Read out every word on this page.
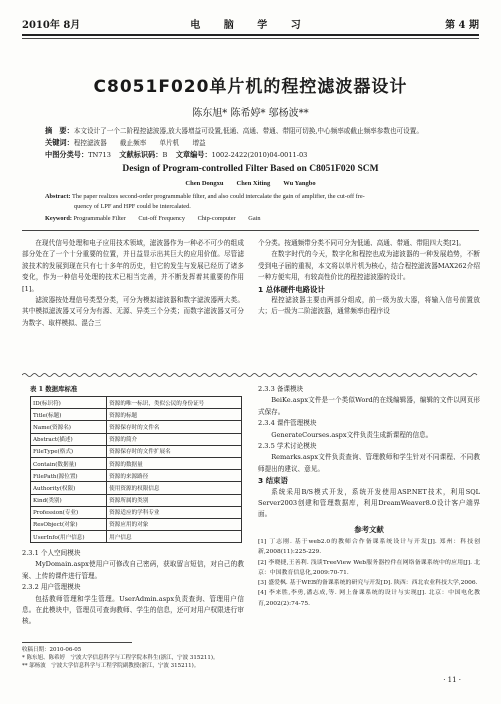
2010年 8月	电 脑 学 习	第 4 期
C8051F020单片机的程控滤波器设计
陈东旭* 陈希婷* 邬杨波**
摘　要：本文设计了一个二阶程控滤波器,放大器增益可设置,低通、高通、带通、带阻可切换,中心频率或截止频率参数也可设置。
关键词：程控滤波器　　截止频率　　单片机　　增益
中图分类号：TN713 文献标识码：B 文章编号：1002-2422(2010)04-0011-03
Design of Program-controlled Filter Based on C8051F020 SCM
Chen Dongxu　　Chen Xiting　　Wu Yangbo
Abstract: The paper realizes second-order programmable filter, and also could intercalate the gain of amplifier, the cut-off fre-
quency of LPF and HPF could be intercalated.
Keyword: Programmable Filter　　Cut-off Frequency　　Chip-computer　　Gain

在现代信号处理和电子应用技术领域，滤波器作为一种必不可少的组成部分处在了一个十分重要的位置，并日益显示出其巨大的应用价值。尽管滤波技术的发展到现在只有七十多年的历史，但它的发生与发展已经历了诸多变化，作为一种信号处理的技术已相当完善，并不断发挥着其重要的作用[1]。

滤波器按处理信号类型分类，可分为模拟滤波器和数字滤波器两大类。其中模拟滤波器又可分为有源、无源、异类三个分类；而数字滤波器又可分为数字、取样模拟、混合三

个分类。按通频带分类不同可分为低通、高通、带通、带阻四大类[2]。

在数字时代的今天，数字化和程控也成为滤波器的一种发展趋势，不断受到电子届的重视，本文将以单片机为核心，结合程控滤波器MAX262介绍一种方便实用，有较高性价比的程控滤波器的设计。

1 总体硬件电路设计

程控滤波器主要由两部分组成，前一级为放大器，将输入信号前置放大；后一级为二阶滤波器，通常频率由程序设

表 1 数据库标准
ID(标识符)	资源的唯一标识，类似公民的身份证号
Title(标题)	资源的标题
Name(资源名)	资源保存时的文件名
Abstract(描述)	资源的简介
FileType(格式)	资源保存时的文件扩展名
Contain(数据量)	资源的数据量
FilePath(源位置)	资源的来源路径
Authority(权限)	使用资源的权限信息
Kind(类别)	资源所属的类别
Profession(专业)	资源适应的学科专业
ResObject(对象)	资源应用的对象
UserInfo(用户信息)	用户信息
2.3.1 个人空间模块

MyDomain.aspx使用户可修改自己密码，获取留言短信，对自己的教案、上传的课件进行管理。

2.3.2 用户管理模块

包括教师管理和学生管理。UserAdmin.aspx负责查询、管理用户信息。在此模块中，管理员可查询教师、学生的信息，还可对用户权限进行审核。

2.3.3 备课模块

BeiKe.aspx文件是一个类似Word的在线编辑器，编辑的文件以网页形式保存。

2.3.4 课件管理模块

GenerateCourses.aspx文件负责生成新课程的信息。

2.3.5 学术讨论模块

Remarks.aspx文件负责查询、管理教师和学生针对不同课程、不同教师提出的建议、意见。

3 结束语

系统采用B/S模式开发，系统开发使用ASP.NET技术，利用SQL Server2003创建和管理数据库，利用DreamWeaver8.0设计客户端界面。

参考文献
[1] 丁志刚. 基于web2.0的教师合作备课系统设计与开发[J]. 郑州：科技创新,2008(11):225-229.
[2] 李晓捷,王善利. 浅谈TreeView Web服务器控件在网络备课系统中的应用[J]. 北京：中国教育信息化,2009:70-71.
[3] 盛爱枫. 基于WEB的备课系统的研究与开发[D]. 陕西：西北农业科技大学,2006.
[4] 李来胜,李勇,潘志成,等. 网上备课系统的设计与实现[J]. 北京：中国电化教育,2002(2):74-75.
收稿日期：2010-06-05
* 陈东旭、陈希婷　宁波大学信息科学与工程学院本科生(浙江，宁波 315211)。
** 邬杨波　宁波大学信息科学与工程学院副教授(浙江，宁波 315211)。
· 11 ·
